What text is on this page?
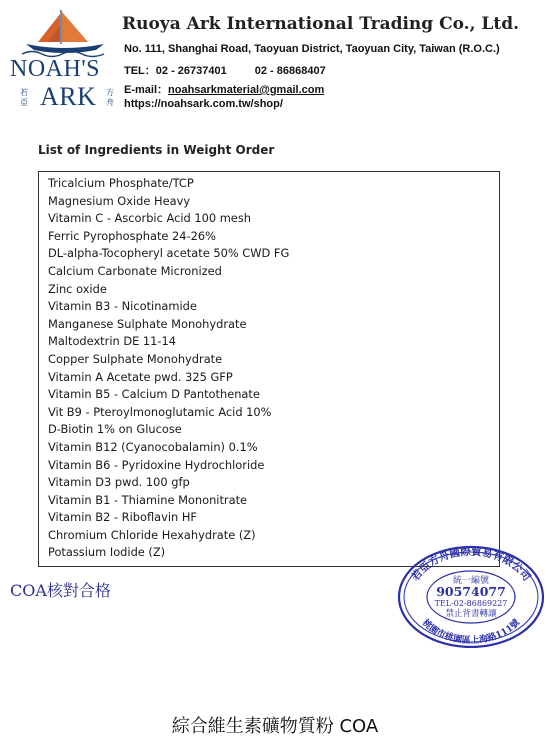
NOAH'S
ARK
若亞
方舟
Ruoya Ark International Trading Co., Ltd.
No. 111, Shanghai Road, Taoyuan District, Taoyuan City, Taiwan (R.O.C.)
TEL：02 - 26737401	02 - 86868407
E-mail：noahsarkmaterial@gmail.com
https://noahsark.com.tw/shop/
List of Ingredients in Weight Order
Tricalcium Phosphate/TCP
Magnesium Oxide Heavy
Vitamin C - Ascorbic Acid 100 mesh
Ferric Pyrophosphate 24-26%
DL-alpha-Tocopheryl acetate 50% CWD FG
Calcium Carbonate Micronized
Zinc oxide
Vitamin B3 - Nicotinamide
Manganese Sulphate Monohydrate
Maltodextrin DE 11-14
Copper Sulphate Monohydrate
Vitamin A Acetate pwd. 325 GFP
Vitamin B5 - Calcium D Pantothenate
Vit B9 - Pteroylmonoglutamic Acid 10%
D-Biotin 1% on Glucose
Vitamin B12 (Cyanocobalamin) 0.1%
Vitamin B6 - Pyridoxine Hydrochloride
Vitamin D3 pwd. 100 gfp
Vitamin B1 - Thiamine Mononitrate
Vitamin B2 - Riboflavin HF
Chromium Chloride Hexahydrate (Z)
Potassium Iodide (Z)
COA核對合格
若亞方舟國際貿易有限公司
桃園市桃園區上海路111號
統一編號
90574077
TEL-02-86869227
禁止背書轉讓
綜合維生素礦物質粉 COA
